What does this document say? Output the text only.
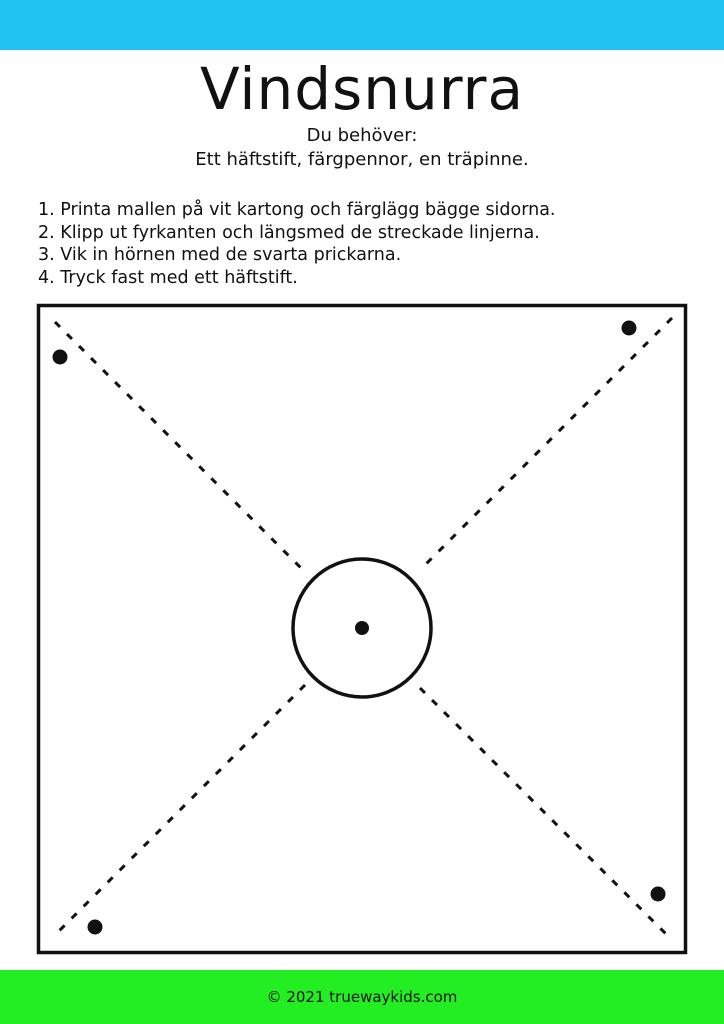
Vindsnurra
Du behöver:
Ett häftstift, färgpennor, en träpinne.
1. Printa mallen på vit kartong och färglägg bägge sidorna.
2. Klipp ut fyrkanten och längsmed de streckade linjerna.
3. Vik in hörnen med de svarta prickarna.
4. Tryck fast med ett häftstift.
© 2021 truewaykids.com
